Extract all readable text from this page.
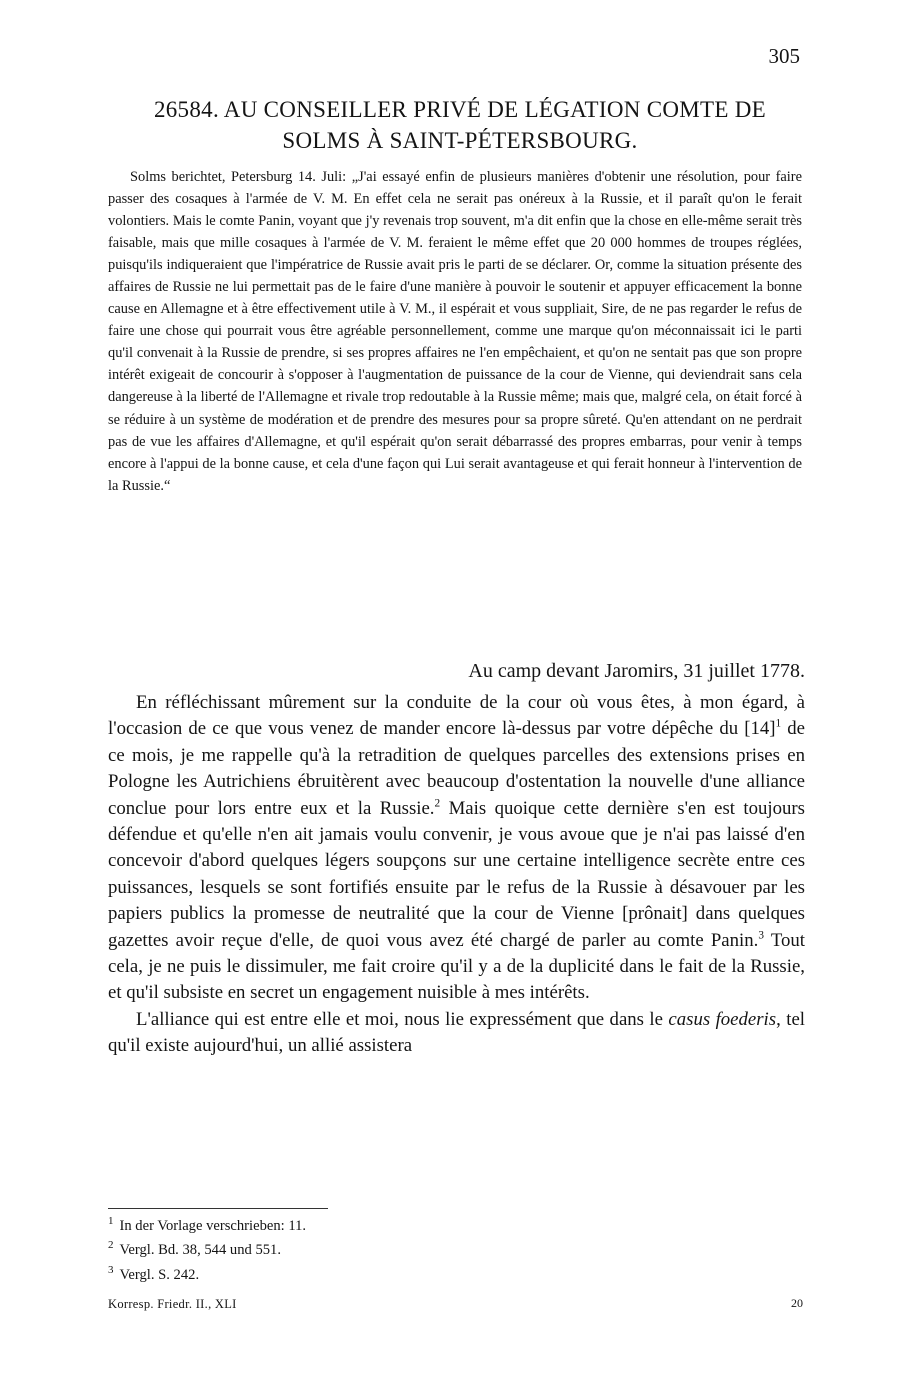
305
26584. AU CONSEILLER PRIVÉ DE LÉGATION COMTE DE
SOLMS À SAINT-PÉTERSBOURG.

Solms berichtet, Petersburg 14. Juli: „J'ai essayé enfin de plusieurs manières d'obtenir une résolution, pour faire passer des cosaques à l'armée de V. M. En effet cela ne serait pas onéreux à la Russie, et il paraît qu'on le ferait volontiers. Mais le comte Panin, voyant que j'y revenais trop souvent, m'a dit enfin que la chose en elle-même serait très faisable, mais que mille cosaques à l'armée de V. M. feraient le même effet que 20 000 hommes de troupes réglées, puisqu'ils indiqueraient que l'impératrice de Russie avait pris le parti de se déclarer. Or, comme la situation présente des affaires de Russie ne lui permettait pas de le faire d'une manière à pouvoir le soutenir et appuyer efficacement la bonne cause en Allemagne et à être effectivement utile à V. M., il espérait et vous suppliait, Sire, de ne pas regarder le refus de faire une chose qui pourrait vous être agréable personnellement, comme une marque qu'on méconnaissait ici le parti qu'il convenait à la Russie de prendre, si ses propres affaires ne l'en empêchaient, et qu'on ne sentait pas que son propre intérêt exigeait de concourir à s'opposer à l'augmentation de puissance de la cour de Vienne, qui deviendrait sans cela dangereuse à la liberté de l'Allemagne et rivale trop redoutable à la Russie même; mais que, malgré cela, on était forcé à se réduire à un système de modération et de prendre des mesures pour sa propre sûreté. Qu'en attendant on ne perdrait pas de vue les affaires d'Allemagne, et qu'il espérait qu'on serait débarrassé des propres embarras, pour venir à temps encore à l'appui de la bonne cause, et cela d'une façon qui Lui serait avantageuse et qui ferait honneur à l'intervention de la Russie.“

Au camp devant Jaromirs, 31 juillet 1778.

En réfléchissant mûrement sur la conduite de la cour où vous êtes, à mon égard, à l'occasion de ce que vous venez de mander encore là-dessus par votre dépêche du $[14]^1$ de ce mois, je me rappelle qu'à la retradition de quelques parcelles des extensions prises en Pologne les Autrichiens ébruitèrent avec beaucoup d'ostentation la nouvelle d'une alliance conclue pour lors entre eux et la Russie.$^2$ Mais quoique cette dernière s'en est toujours défendue et qu'elle n'en ait jamais voulu convenir, je vous avoue que je n'ai pas laissé d'en concevoir d'abord quelques légers soupçons sur une certaine intelligence secrète entre ces puissances, lesquels se sont fortifiés ensuite par le refus de la Russie à désavouer par les papiers publics la promesse de neutralité que la cour de Vienne [prônait] dans quelques gazettes avoir reçue d'elle, de quoi vous avez été chargé de parler au comte Panin.$^3$ Tout cela, je ne puis le dissimuler, me fait croire qu'il y a de la duplicité dans le fait de la Russie, et qu'il subsiste en secret un engagement nuisible à mes intérêts.

L'alliance qui est entre elle et moi, nous lie expressément que dans le casus foederis, tel qu'il existe aujourd'hui, un allié assistera

$^1$ In der Vorlage verschrieben: 11.
$^2$ Vergl. Bd. 38, 544 und 551.
$^3$ Vergl. S. 242.
Korresp. Friedr. II., XLI	20
